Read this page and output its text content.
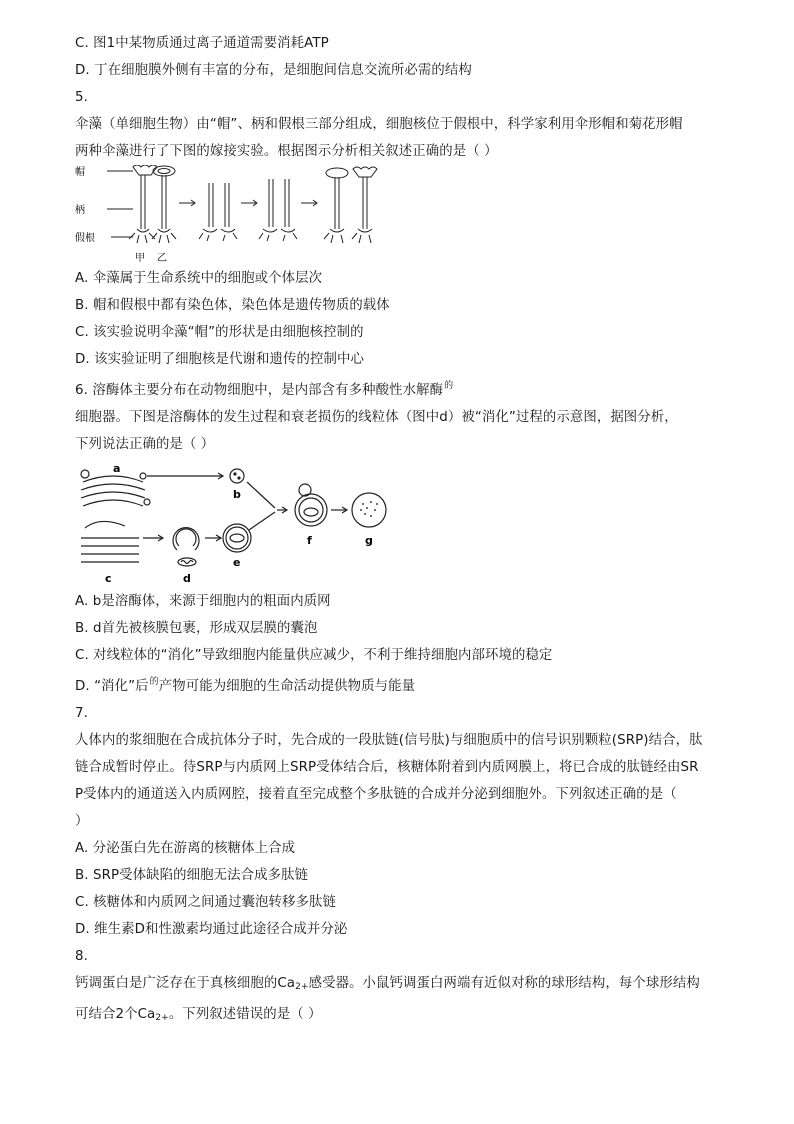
C. 图1中某物质通过离子通道需要消耗ATP
D. 丁在细胞膜外侧有丰富的分布，是细胞间信息交流所必需的结构
5.
伞藻（单细胞生物）由“帽”、柄和假根三部分组成，细胞核位于假根中，科学家利用伞形帽和菊花形帽
两种伞藻进行了下图的嫁接实验。根据图示分析相关叙述正确的是（ ）
帽
柄
假根
甲 乙
A. 伞藻属于生命系统中的细胞或个体层次
B. 帽和假根中都有染色体，染色体是遗传物质的载体
C. 该实验说明伞藻“帽”的形状是由细胞核控制的
D. 该实验证明了细胞核是代谢和遗传的控制中心
6. 溶酶体主要分布在动物细胞中，是内部含有多种酸性水解酶$^的$
细胞器。下图是溶酶体的发生过程和衰老损伤的线粒体（图中d）被“消化”过程的示意图，据图分析，
下列说法正确的是（ ）
a
b
c	d
e
f	g
A. b是溶酶体，来源于细胞内的粗面内质网
B. d首先被核膜包裹，形成双层膜的囊泡
C. 对线粒体的“消化”导致细胞内能量供应减少，不利于维持细胞内部环境的稳定
D. “消化”后$^的$产物可能为细胞的生命活动提供物质与能量
7.
人体内的浆细胞在合成抗体分子时，先合成的一段肽链(信号肽)与细胞质中的信号识别颗粒(SRP)结合，肽
链合成暂时停止。待SRP与内质网上SRP受体结合后，核糖体附着到内质网膜上，将已合成的肽链经由SR
P受体内的通道送入内质网腔，接着直至完成整个多肽链的合成并分泌到细胞外。下列叙述正确的是（
）
A. 分泌蛋白先在游离的核糖体上合成
B. SRP受体缺陷的细胞无法合成多肽链
C. 核糖体和内质网之间通过囊泡转移多肽链
D. 维生素D和性激素均通过此途径合成并分泌
8.
钙调蛋白是广泛存在于真核细胞的$Ca_{2+}$感受器。小鼠钙调蛋白两端有近似对称的球形结构，每个球形结构
可结合2个$Ca_{2+}$。下列叙述错误的是（ ）
